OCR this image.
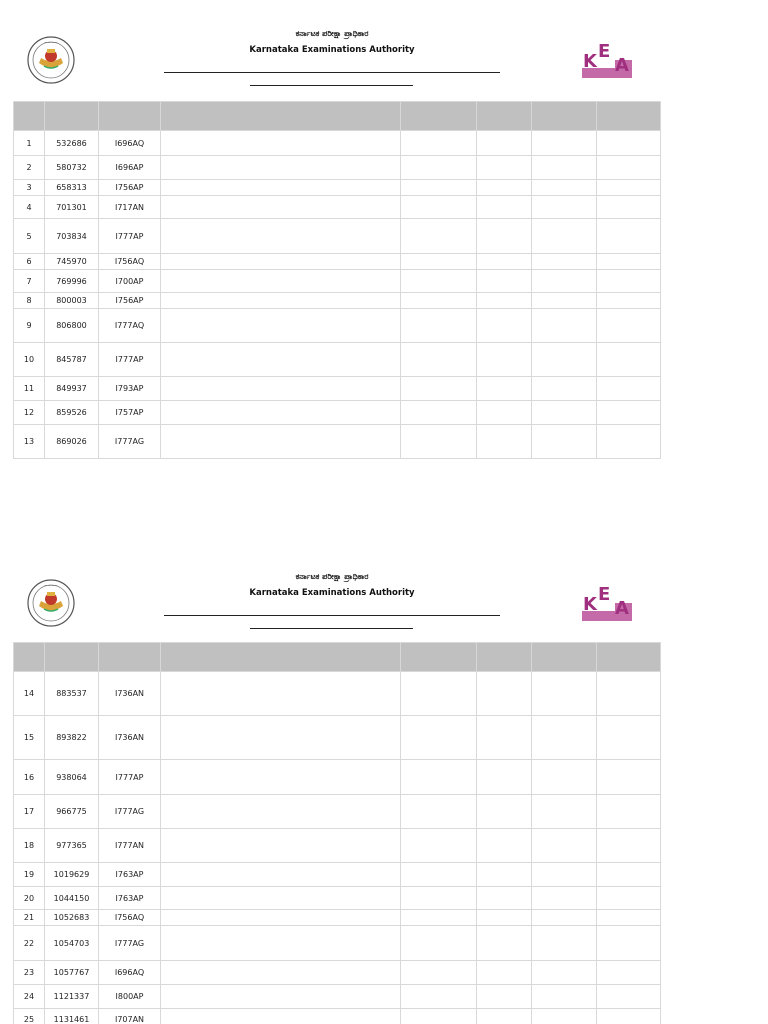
~~~~
ಕರ್ನಾಟಕ ಪರೀಕ್ಷಾ ಪ್ರಾಧಿಕಾರ
Karnataka Examinations Authority
K E
A

1	532686	I696AQ					
2	580732	I696AP					
3	658313	I756AP					
4	701301	I717AN					
5	703834	I777AP					
6	745970	I756AQ					
7	769996	I700AP					
8	800003	I756AP					
9	806800	I777AQ					
10	845787	I777AP					
11	849937	I793AP					
12	859526	I757AP					
13	869026	I777AG					
~~~~
ಕರ್ನಾಟಕ ಪರೀಕ್ಷಾ ಪ್ರಾಧಿಕಾರ
Karnataka Examinations Authority
K E
A

14	883537	I736AN					
15	893822	I736AN					
16	938064	I777AP					
17	966775	I777AG					
18	977365	I777AN					
19	1019629	I763AP					
20	1044150	I763AP					
21	1052683	I756AQ					
22	1054703	I777AG					
23	1057767	I696AQ					
24	1121337	I800AP					
25	1131461	I707AN					
